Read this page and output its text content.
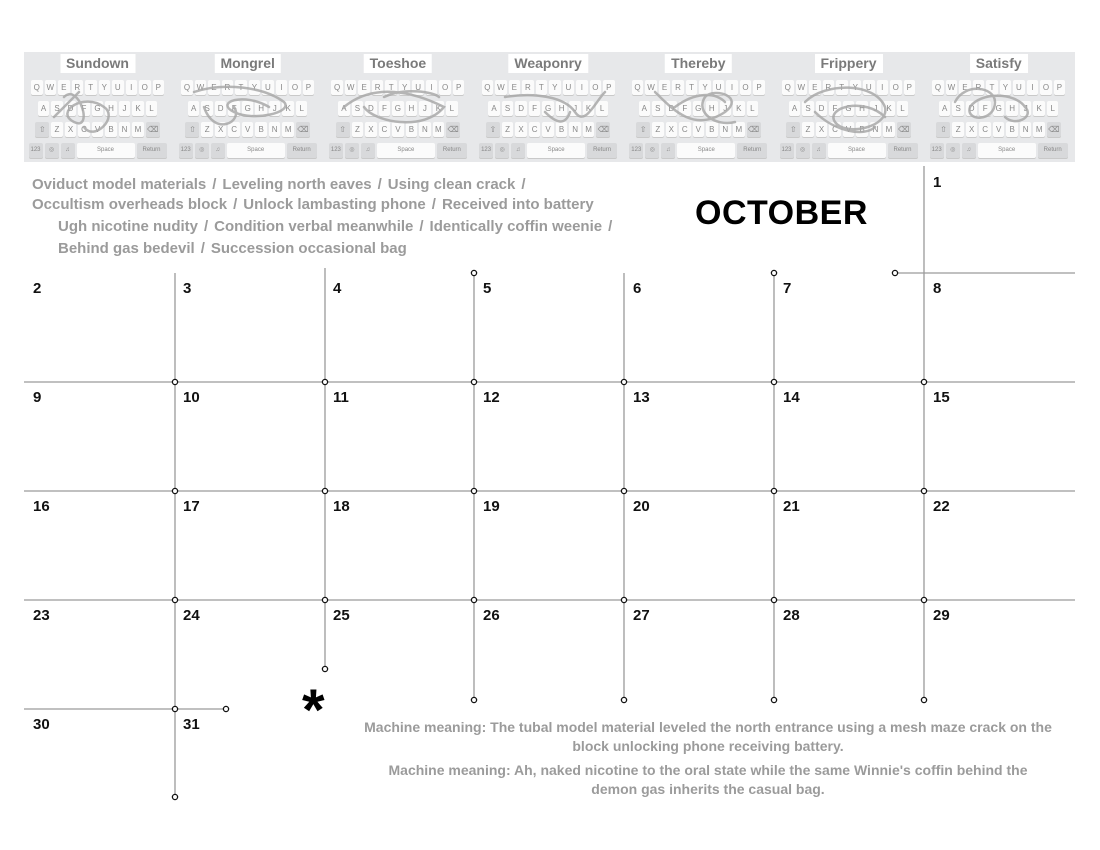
Q W E R	T	Y U	I	O P
A	S D	F G H	J	K	L
⇧	Z	X C V	B N M ⌫
123	◎	♫	Space	Return
Sundown
Q W E R	T	Y U	I	O P
A	S D	F G H	J	K	L
⇧	Z	X C V	B N M ⌫
123	◎	♫	Space	Return
Mongrel
Q W E R	T	Y U	I	O P
A	S D	F G H	J	K	L
⇧	Z	X C V	B N M ⌫
123	◎	♫	Space	Return
Toeshoe
Q W E R	T	Y U	I	O P
A	S D	F G H	J	K	L
⇧	Z	X C V	B N M ⌫
123	◎	♫	Space	Return
Weaponry
Q W E R	T	Y U	I	O P
A	S D	F G H	J	K	L
⇧	Z	X C V	B N M ⌫
123	◎	♫	Space	Return
Thereby
Q W E R	T	Y U	I	O P
A	S D	F G H	J	K	L
⇧	Z	X C V	B N M ⌫
123	◎	♫	Space	Return
Frippery
Q W E R	T	Y U	I	O P
A	S D	F G H	J	K	L
⇧	Z	X C V	B N M ⌫
123	◎	♫	Space	Return
Satisfy
Oviduct model materials / Leveling north eaves / Using clean crack /
Occultism overheads block / Unlock lambasting phone / Received into battery
Ugh nicotine nudity / Condition verbal meanwhile / Identically coffin weenie /
Behind gas bedevil / Succession occasional bag
OCTOBER
1
2	3	4	5	6	7	8
9	10	11	12	13	14	15
16	17	18	19	20	21	22
23	24	25	26	27	28	29
30	31 *	Machine meaning: The tubal model material leveled the north entrance using a mesh maze crack on the
block unlocking phone receiving battery.
Machine meaning: Ah, naked nicotine to the oral state while the same Winnie's coffin behind the
demon gas inherits the casual bag.
